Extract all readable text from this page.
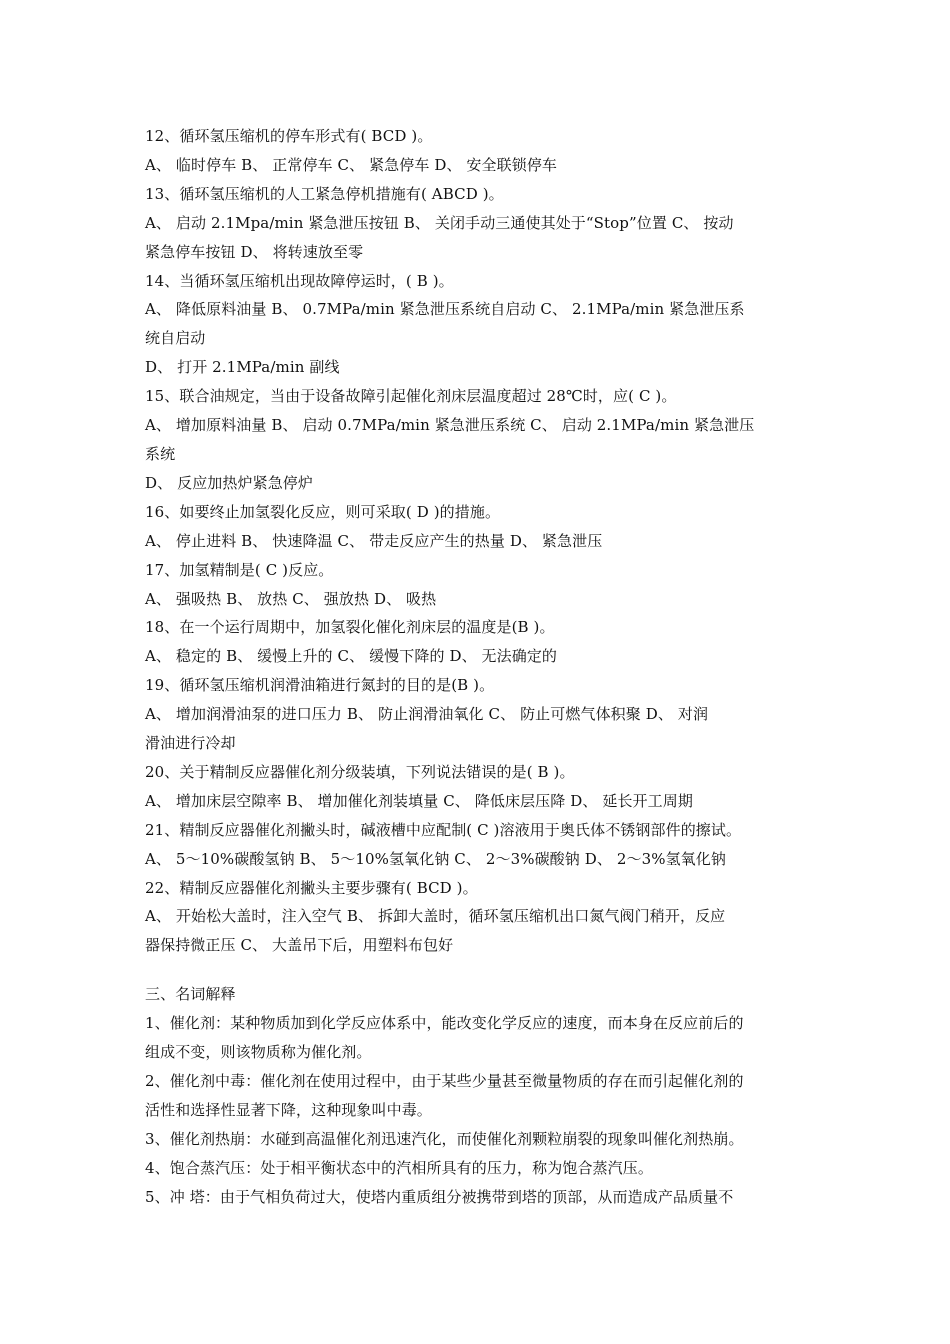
12、循环氢压缩机的停车形式有( BCD )。
A、 临时停车 B、 正常停车 C、 紧急停车 D、 安全联锁停车
13、循环氢压缩机的人工紧急停机措施有( ABCD )。
A、 启动 2.1Mpa/min 紧急泄压按钮 B、 关闭手动三通使其处于“Stop”位置 C、 按动
紧急停车按钮 D、 将转速放至零
14、当循环氢压缩机出现故障停运时，( B )。
A、 降低原料油量 B、 0.7MPa/min 紧急泄压系统自启动 C、 2.1MPa/min 紧急泄压系
统自启动
D、 打开 2.1MPa/min 副线
15、联合油规定，当由于设备故障引起催化剂床层温度超过 28℃时，应( C )。
A、 增加原料油量 B、 启动 0.7MPa/min 紧急泄压系统 C、 启动 2.1MPa/min 紧急泄压
系统
D、 反应加热炉紧急停炉
16、如要终止加氢裂化反应，则可采取( D )的措施。
A、 停止进料 B、 快速降温 C、 带走反应产生的热量 D、 紧急泄压
17、加氢精制是( C )反应。
A、 强吸热 B、 放热 C、 强放热 D、 吸热
18、在一个运行周期中，加氢裂化催化剂床层的温度是(B )。
A、 稳定的 B、 缓慢上升的 C、 缓慢下降的 D、 无法确定的
19、循环氢压缩机润滑油箱进行氮封的目的是(B )。
A、 增加润滑油泵的进口压力 B、 防止润滑油氧化 C、 防止可燃气体积聚 D、 对润
滑油进行冷却
20、关于精制反应器催化剂分级装填，下列说法错误的是( B )。
A、 增加床层空隙率 B、 增加催化剂装填量 C、 降低床层压降 D、 延长开工周期
21、精制反应器催化剂撇头时，碱液槽中应配制( C )溶液用于奥氏体不锈钢部件的擦试。
A、 5～10%碳酸氢钠 B、 5～10%氢氧化钠 C、 2～3%碳酸钠 D、 2～3%氢氧化钠
22、精制反应器催化剂撇头主要步骤有( BCD )。
A、 开始松大盖时，注入空气 B、 拆卸大盖时，循环氢压缩机出口氮气阀门稍开，反应
器保持微正压 C、 大盖吊下后，用塑料布包好
三、名词解释
1、催化剂：某种物质加到化学反应体系中，能改变化学反应的速度，而本身在反应前后的
组成不变，则该物质称为催化剂。
2、催化剂中毒：催化剂在使用过程中，由于某些少量甚至微量物质的存在而引起催化剂的
活性和选择性显著下降，这种现象叫中毒。
3、催化剂热崩：水碰到高温催化剂迅速汽化，而使催化剂颗粒崩裂的现象叫催化剂热崩。
4、饱合蒸汽压：处于相平衡状态中的汽相所具有的压力，称为饱合蒸汽压。
5、冲 塔：由于气相负荷过大，使塔内重质组分被携带到塔的顶部，从而造成产品质量不
